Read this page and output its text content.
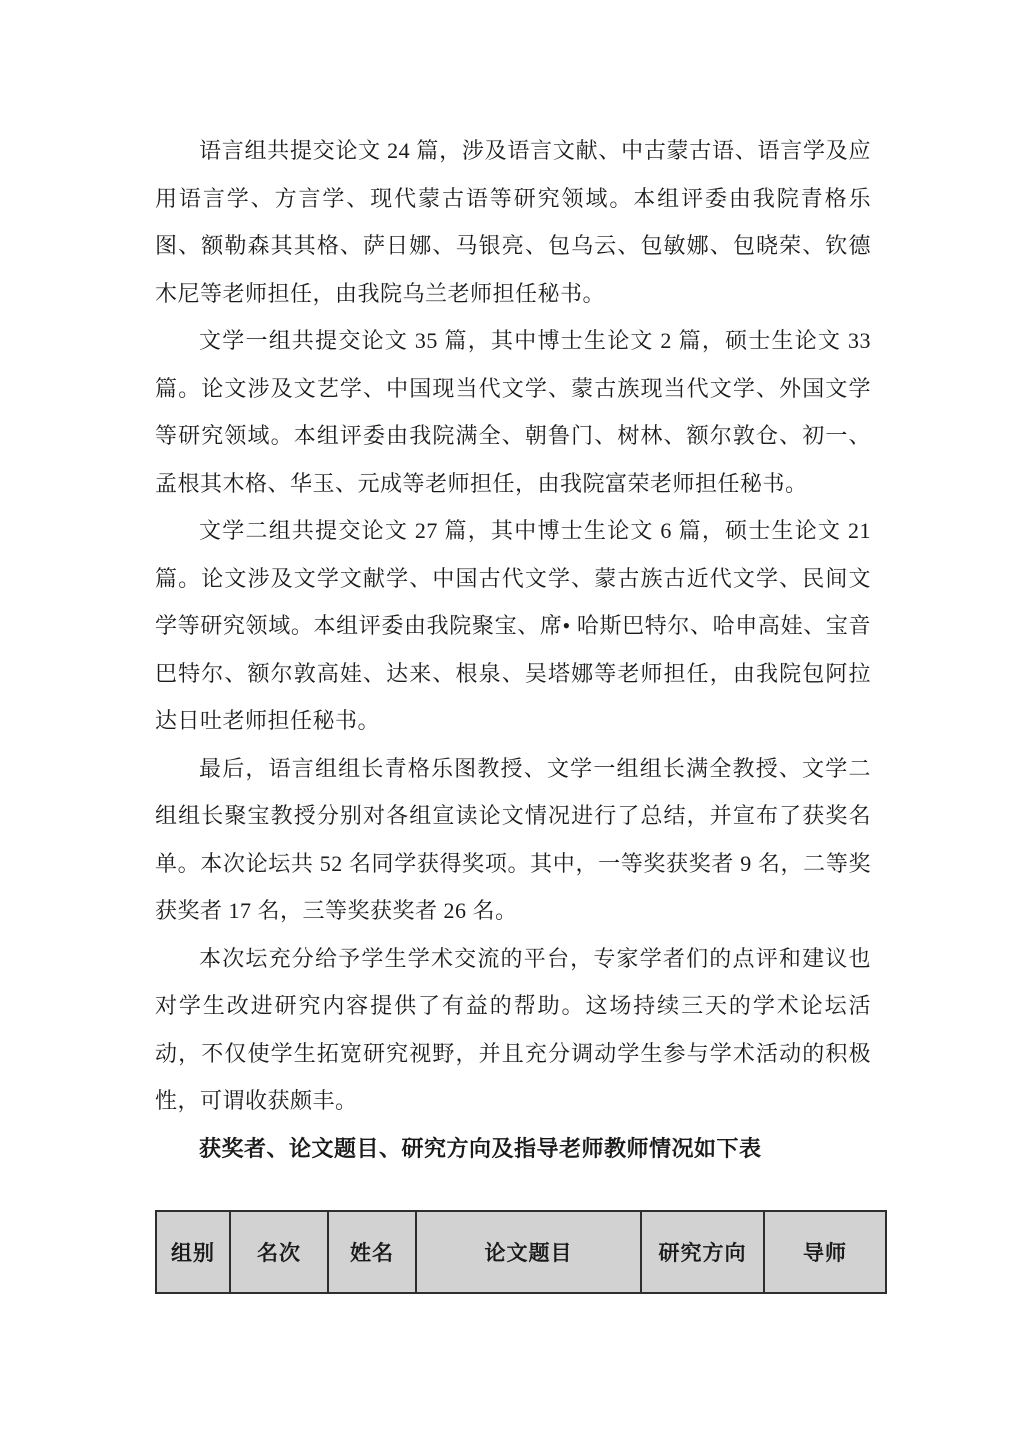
语言组共提交论文 24 篇，涉及语言文献、中古蒙古语、语言学及应用语言学、方言学、现代蒙古语等研究领域。本组评委由我院青格乐图、额勒森其其格、萨日娜、马银亮、包乌云、包敏娜、包晓荣、钦德木尼等老师担任，由我院乌兰老师担任秘书。

文学一组共提交论文 35 篇，其中博士生论文 2 篇，硕士生论文 33 篇。论文涉及文艺学、中国现当代文学、蒙古族现当代文学、外国文学等研究领域。本组评委由我院满全、朝鲁门、树林、额尔敦仓、初一、孟根其木格、华玉、元成等老师担任，由我院富荣老师担任秘书。

文学二组共提交论文 27 篇，其中博士生论文 6 篇，硕士生论文 21 篇。论文涉及文学文献学、中国古代文学、蒙古族古近代文学、民间文学等研究领域。本组评委由我院聚宝、席• 哈斯巴特尔、哈申高娃、宝音巴特尔、额尔敦高娃、达来、根泉、吴塔娜等老师担任，由我院包阿拉达日吐老师担任秘书。

最后，语言组组长青格乐图教授、文学一组组长满全教授、文学二组组长聚宝教授分别对各组宣读论文情况进行了总结，并宣布了获奖名单。本次论坛共 52 名同学获得奖项。其中，一等奖获奖者 9 名，二等奖获奖者 17 名，三等奖获奖者 26 名。

本次坛充分给予学生学术交流的平台，专家学者们的点评和建议也对学生改进研究内容提供了有益的帮助。这场持续三天的学术论坛活动，不仅使学生拓宽研究视野，并且充分调动学生参与学术活动的积极性，可谓收获颇丰。

获奖者、论文题目、研究方向及指导老师教师情况如下表

组别	名次	姓名	论文题目	研究方向	导师
